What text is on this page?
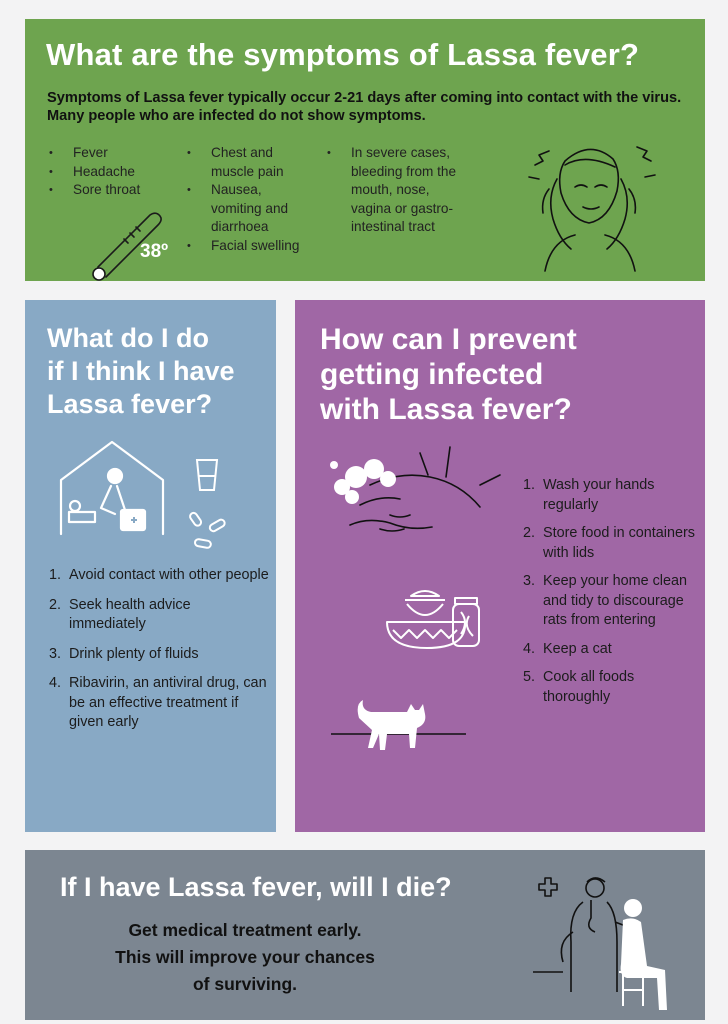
What are the symptoms of Lassa fever?

Symptoms of Lassa fever typically occur 2-21 days after coming into contact with the virus. Many people who are infected do not show symptoms.

• Fever
• Headache
• Sore throat
• Chest and muscle pain
• Nausea, vomiting and diarrhoea
• Facial swelling
• In severe cases, bleeding from the mouth, nose, vagina or gastro-intestinal tract
38º
What do I do
if I think I have
Lassa fever?
1. Avoid contact with other people
2. Seek health advice immediately
3. Drink plenty of fluids
4. Ribavirin, an antiviral drug, can be an effective treatment if given early
How can I prevent
getting infected
with Lassa fever?
1. Wash your hands regularly
2. Store food in containers with lids
3. Keep your home clean and tidy to discourage rats from entering
4. Keep a cat
5. Cook all foods thoroughly
If I have Lassa fever, will I die?
Get medical treatment early.
This will improve your chances
of surviving.
